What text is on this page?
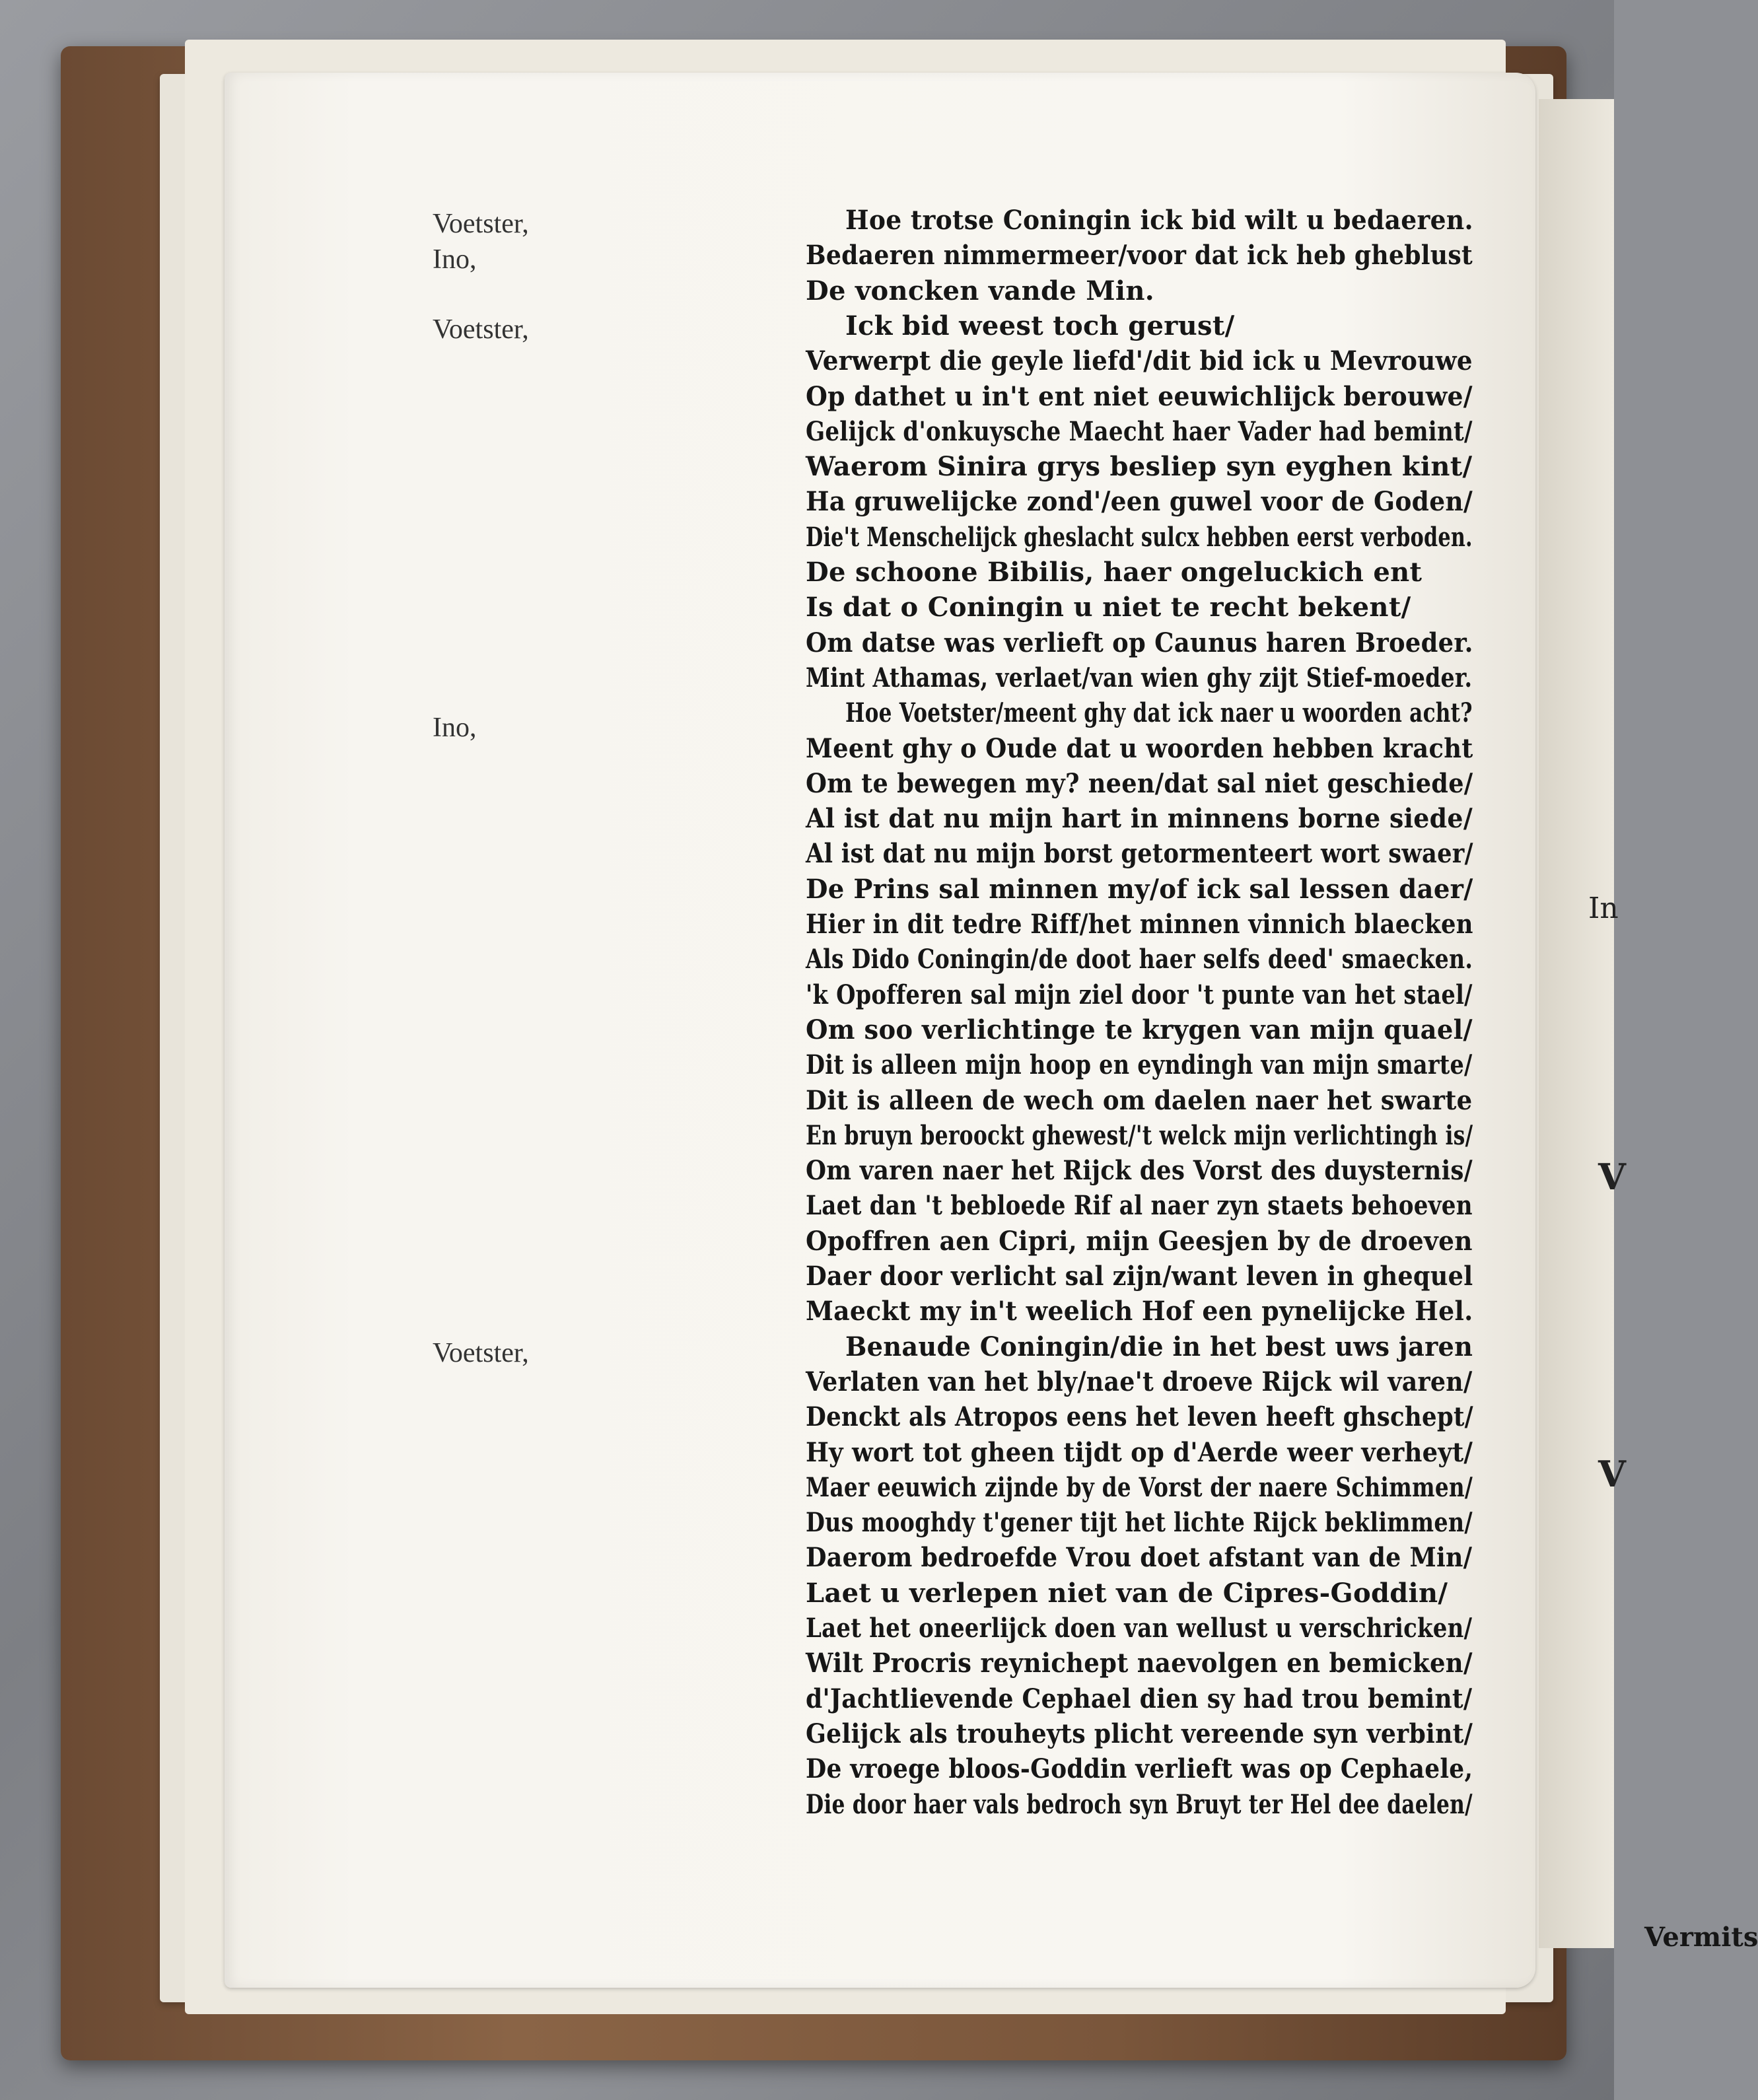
In
V
V
Voetster,
Ino,
Voetster,
Ino,
Voetster,
Hoe trotse Coningin ick bid wilt u bedaeren.
Bedaeren nimmermeer/voor dat ick heb gheblust
De voncken vande Min.
Ick bid weest toch gerust/
Verwerpt die geyle liefd'/dit bid ick u Mevrouwe
Op dathet u in't ent niet eeuwichlijck berouwe/
Gelijck d'onkuysche Maecht haer Vader had bemint/
Waerom Sinira grys besliep syn eyghen kint/
Ha gruwelijcke zond'/een guwel voor de Goden/
Die't Menschelijck gheslacht sulcx hebben eerst verboden.
De schoone Bibilis, haer ongeluckich ent
Is dat o Coningin u niet te recht bekent/
Om datse was verlieft op Caunus haren Broeder.
Mint Athamas, verlaet/van wien ghy zijt Stief-moeder.
Hoe Voetster/meent ghy dat ick naer u woorden acht?
Meent ghy o Oude dat u woorden hebben kracht
Om te bewegen my? neen/dat sal niet geschiede/
Al ist dat nu mijn hart in minnens borne siede/
Al ist dat nu mijn borst getormenteert wort swaer/
De Prins sal minnen my/of ick sal lessen daer/
Hier in dit tedre Riff/het minnen vinnich blaecken
Als Dido Coningin/de doot haer selfs deed' smaecken.
'k Opofferen sal mijn ziel door 't punte van het stael/
Om soo verlichtinge te krygen van mijn quael/
Dit is alleen mijn hoop en eyndingh van mijn smarte/
Dit is alleen de wech om daelen naer het swarte
En bruyn beroockt ghewest/'t welck mijn verlichtingh is/
Om varen naer het Rijck des Vorst des duysternis/
Laet dan 't bebloede Rif al naer zyn staets behoeven
Opoffren aen Cipri, mijn Geesjen by de droeven
Daer door verlicht sal zijn/want leven in ghequel
Maeckt my in't weelich Hof een pynelijcke Hel.
Benaude Coningin/die in het best uws jaren
Verlaten van het bly/nae't droeve Rijck wil varen/
Denckt als Atropos eens het leven heeft ghschept/
Hy wort tot gheen tijdt op d'Aerde weer verheyt/
Maer eeuwich zijnde by de Vorst der naere Schimmen/
Dus mooghdy t'gener tijt het lichte Rijck beklimmen/
Daerom bedroefde Vrou doet afstant van de Min/
Laet u verlepen niet van de Cipres-Goddin/
Laet het oneerlijck doen van wellust u verschricken/
Wilt Procris reynichept naevolgen en bemicken/
d'Jachtlievende Cephael dien sy had trou bemint/
Gelijck als trouheyts plicht vereende syn verbint/
De vroege bloos-Goddin verlieft was op Cephaele,
Die door haer vals bedroch syn Bruyt ter Hel dee daelen/
Vermits
